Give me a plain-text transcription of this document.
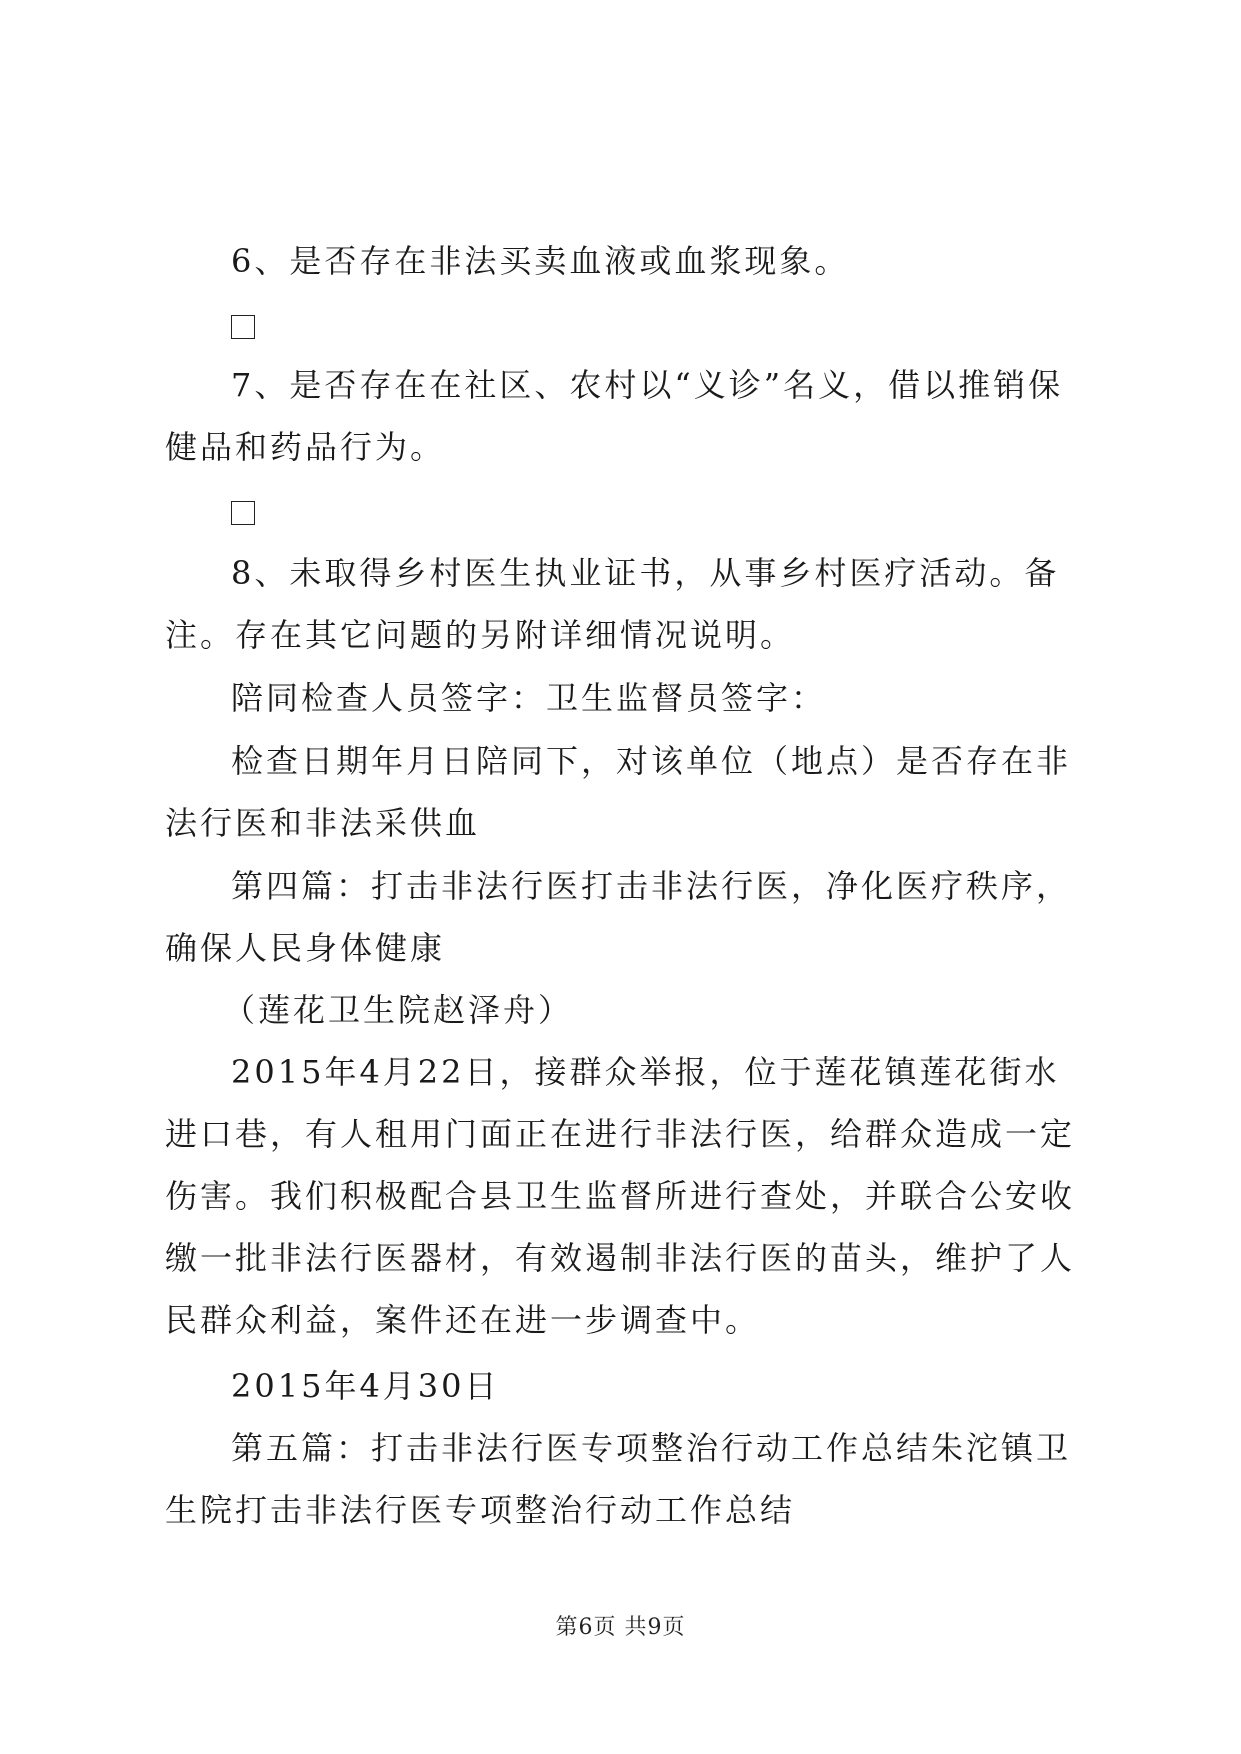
6、是否存在非法买卖血液或血浆现象。

7、是否存在在社区、农村以“义诊”名义，借以推销保健品和药品行为。

8、未取得乡村医生执业证书，从事乡村医疗活动。备注。存在其它问题的另附详细情况说明。

陪同检查人员签字：卫生监督员签字：

检查日期年月日陪同下，对该单位（地点）是否存在非法行医和非法采供血

第四篇：打击非法行医打击非法行医，净化医疗秩序，确保人民身体健康

（莲花卫生院赵泽舟）

2015年4月22日，接群众举报，位于莲花镇莲花街水进口巷，有人租用门面正在进行非法行医，给群众造成一定伤害。我们积极配合县卫生监督所进行查处，并联合公安收缴一批非法行医器材，有效遏制非法行医的苗头，维护了人民群众利益，案件还在进一步调查中。

2015年4月30日

第五篇：打击非法行医专项整治行动工作总结朱沱镇卫生院打击非法行医专项整治行动工作总结

第6页 共9页
